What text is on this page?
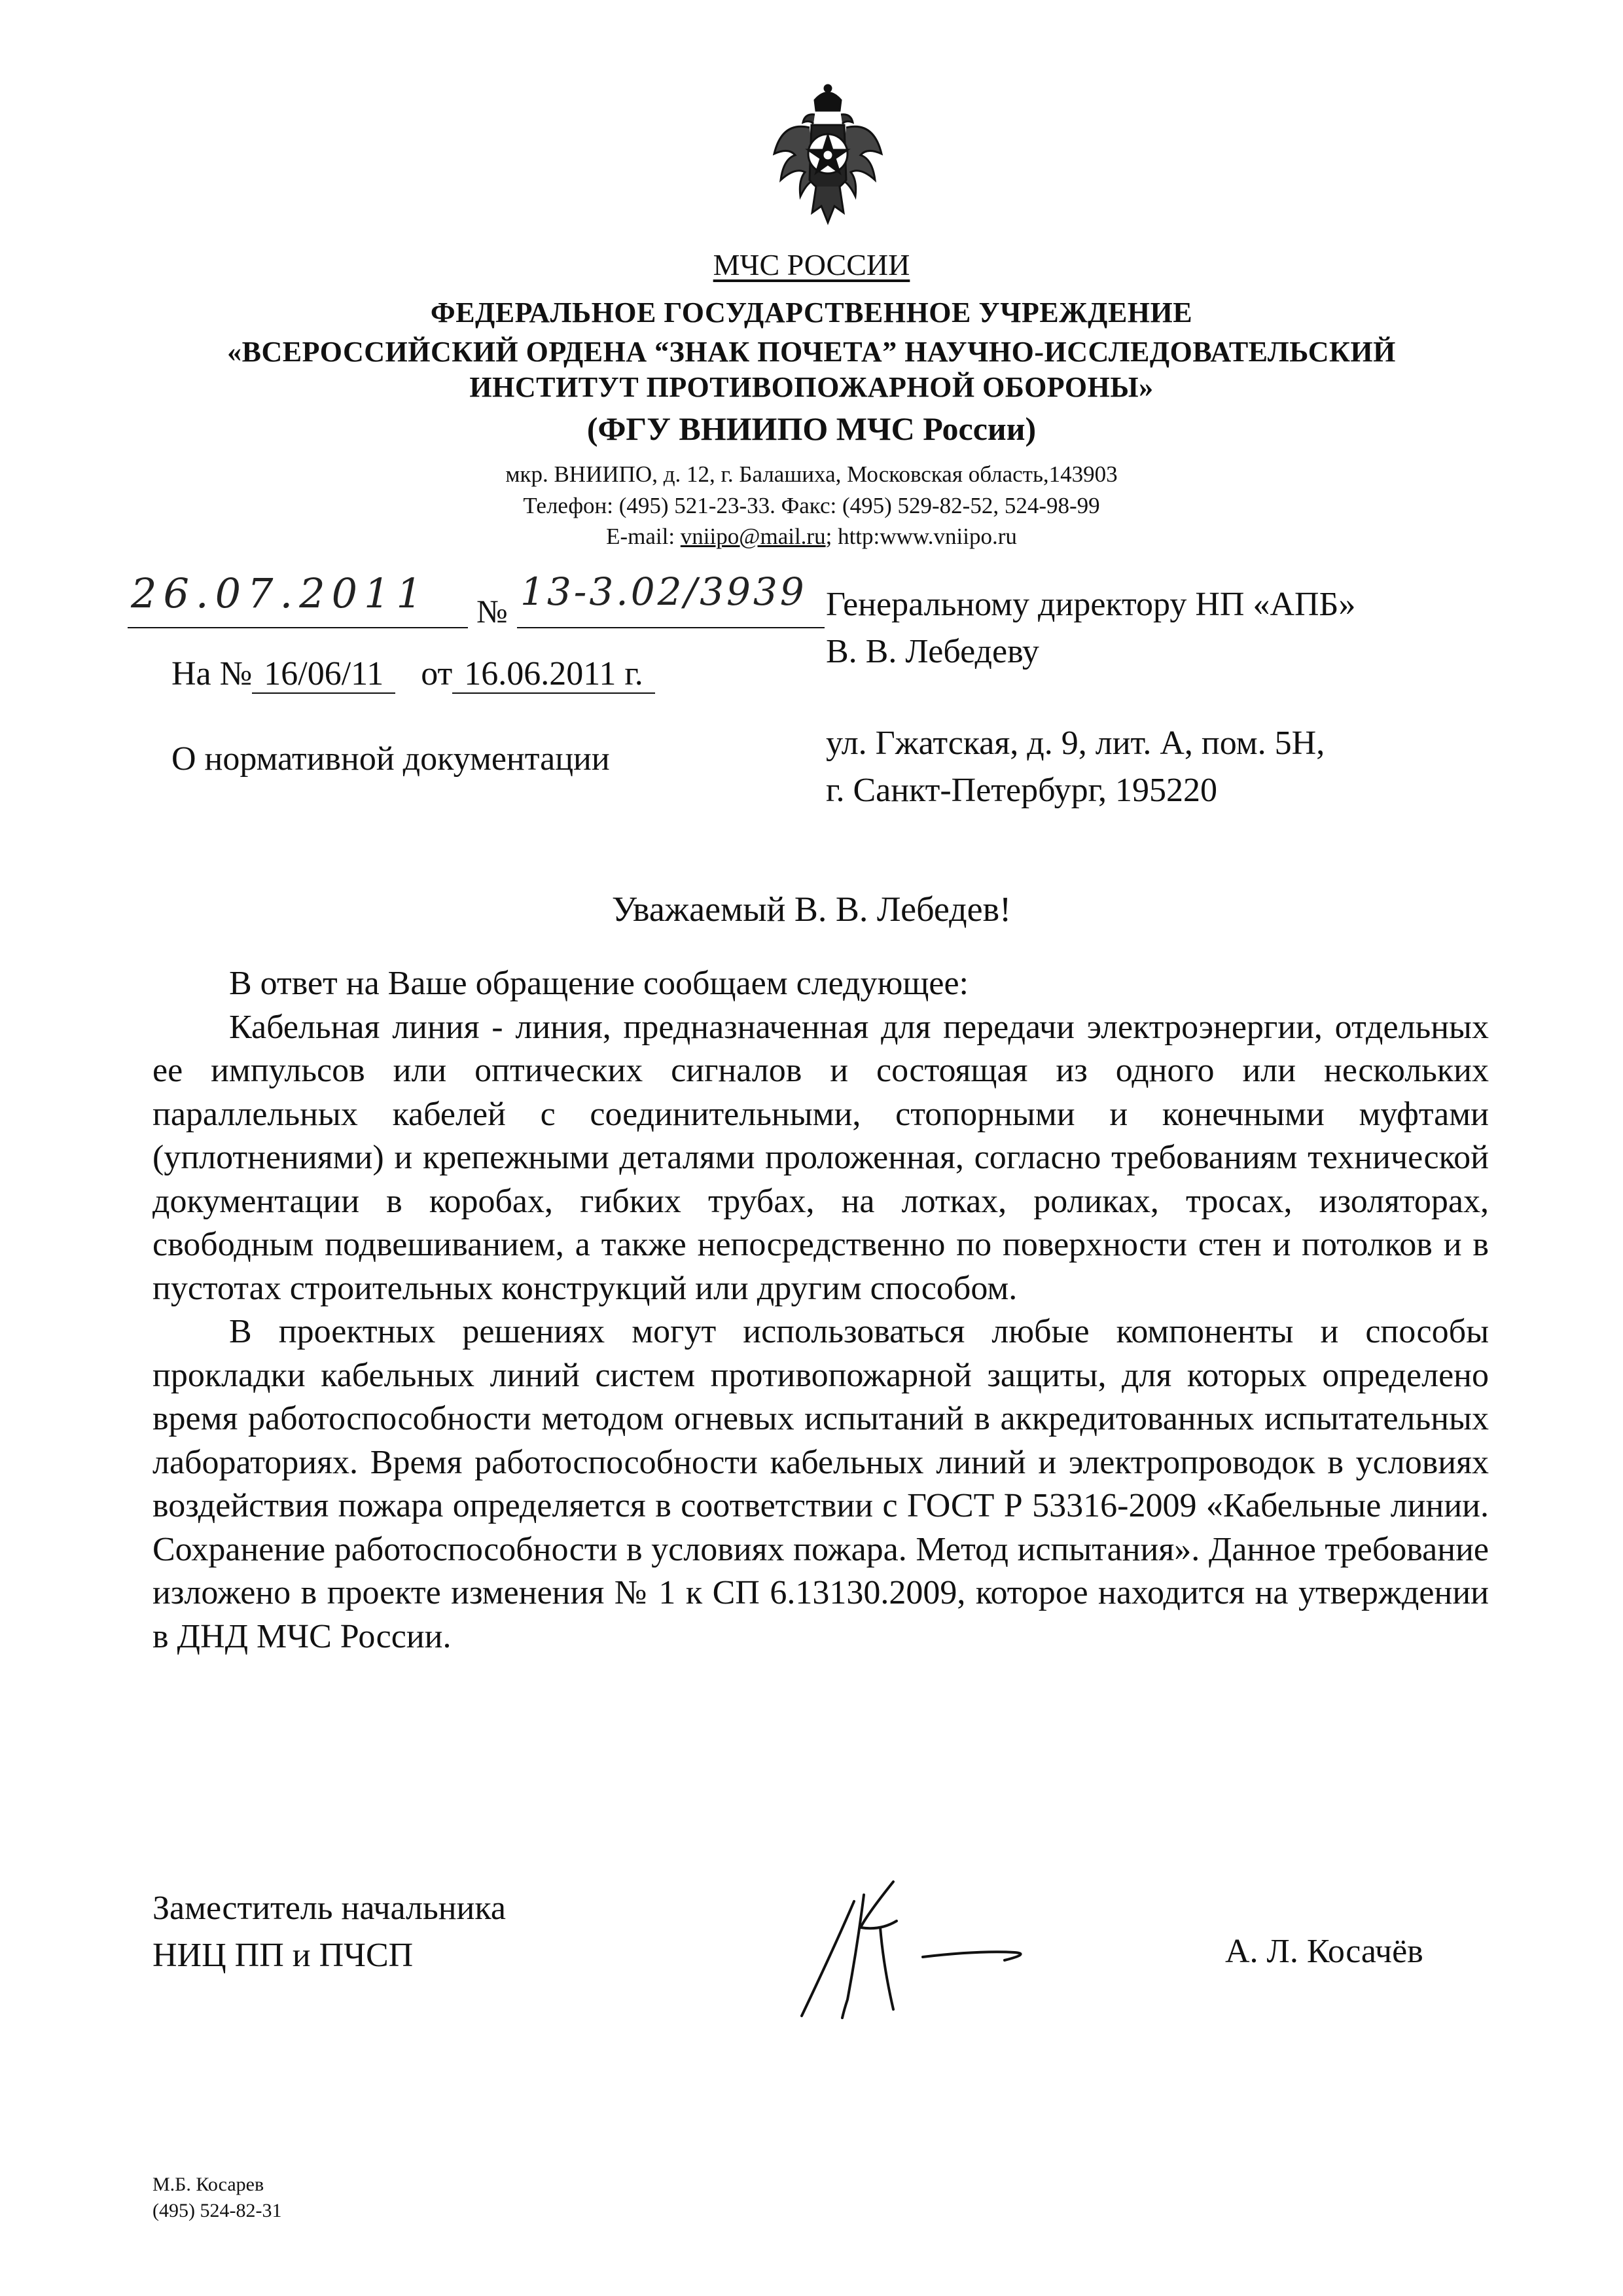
МЧС РОССИИ
ФЕДЕРАЛЬНОЕ ГОСУДАРСТВЕННОЕ УЧРЕЖДЕНИЕ
«ВСЕРОССИЙСКИЙ ОРДЕНА “ЗНАК ПОЧЕТА” НАУЧНО-ИССЛЕДОВАТЕЛЬСКИЙ
ИНСТИТУТ ПРОТИВОПОЖАРНОЙ ОБОРОНЫ»
(ФГУ ВНИИПО МЧС России)
мкр. ВНИИПО, д. 12, г. Балашиха, Московская область,143903
Телефон: (495) 521-23-33. Факс: (495) 529-82-52, 524-98-99
E-mail: vniipo@mail.ru; http:www.vniipo.ru
26.07.2011 № 13-3.02/3939
На № 16/06/11 от 16.06.2011 г.
О нормативной документации
Генеральному директору НП «АПБ»
В. В. Лебедеву
ул. Гжатская, д. 9, лит. А, пом. 5Н,
г. Санкт-Петербург, 195220
Уважаемый В. В. Лебедев!

В ответ на Ваше обращение сообщаем следующее:

Кабельная линия - линия, предназначенная для передачи электроэнергии, отдельных ее импульсов или оптических сигналов и состоящая из одного или нескольких параллельных кабелей с соединительными, стопорными и конечными муфтами (уплотнениями) и крепежными деталями проложенная, согласно требованиям технической документации в коробах, гибких трубах, на лотках, роликах, тросах, изоляторах, свободным подвешиванием, а также непосредственно по поверхности стен и потолков и в пустотах строительных конструкций или другим способом.

В проектных решениях могут использоваться любые компоненты и способы прокладки кабельных линий систем противопожарной защиты, для которых определено время работоспособности методом огневых испытаний в аккредитованных испытательных лабораториях. Время работоспособности кабельных линий и электропроводок в условиях воздействия пожара определяется в соответствии с ГОСТ Р 53316-2009 «Кабельные линии. Сохранение работоспособности в условиях пожара. Метод испытания». Данное требование изложено в проекте изменения № 1 к СП 6.13130.2009, которое находится на утверждении в ДНД МЧС России.

Заместитель начальника
НИЦ ПП и ПЧСП	А. Л. Косачёв
М.Б. Косарев
(495) 524-82-31
